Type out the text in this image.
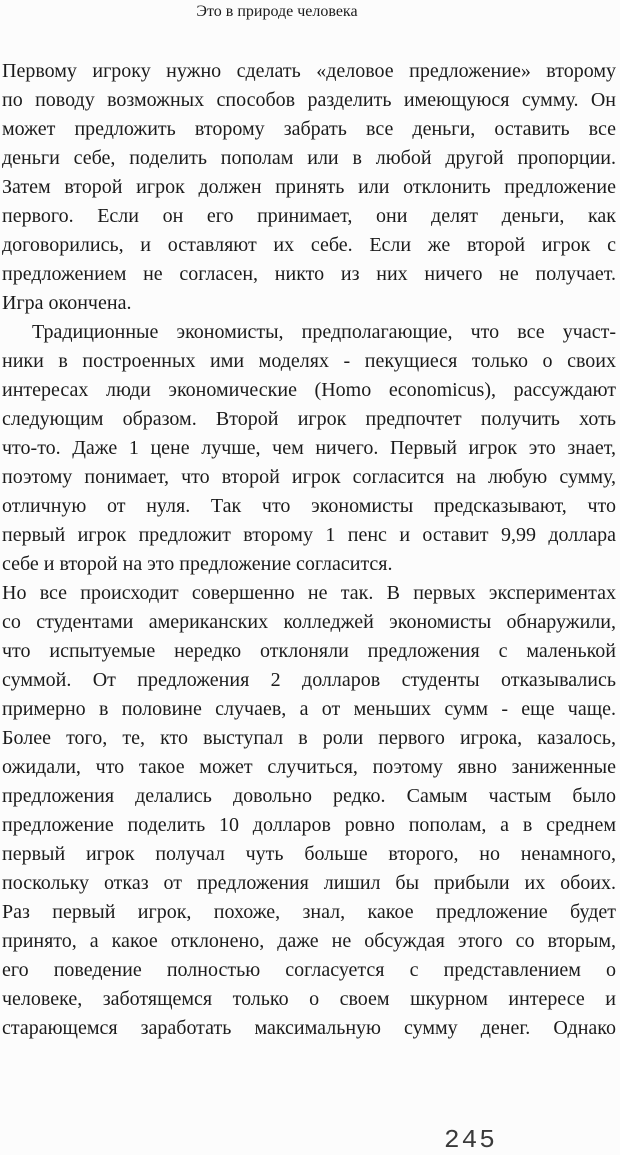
Это в природе человека
Первому игроку нужно сделать «деловое предложение» второму
по поводу возможных способов разделить имеющуюся сумму. Он
может предложить второму забрать все деньги, оставить все
деньги себе, поделить пополам или в любой другой пропорции.
Затем второй игрок должен принять или отклонить предложение
первого. Если он его принимает, они делят деньги, как
договорились, и оставляют их себе. Если же второй игрок с
предложением не согласен, никто из них ничего не получает.
Игра окончена.
Традиционные экономисты, предполагающие, что все участ-
ники в построенных ими моделях - пекущиеся только о своих
интересах люди экономические (Homo economicus), рассуждают
следующим образом. Второй игрок предпочтет получить хоть
что-то. Даже 1 цене лучше, чем ничего. Первый игрок это знает,
поэтому понимает, что второй игрок согласится на любую сумму,
отличную от нуля. Так что экономисты предсказывают, что
первый игрок предложит второму 1 пенс и оставит 9,99 доллара
себе и второй на это предложение согласится.
Но все происходит совершенно не так. В первых экспериментах
со студентами американских колледжей экономисты обнаружили,
что испытуемые нередко отклоняли предложения с маленькой
суммой. От предложения 2 долларов студенты отказывались
примерно в половине случаев, а от меньших сумм - еще чаще.
Более того, те, кто выступал в роли первого игрока, казалось,
ожидали, что такое может случиться, поэтому явно заниженные
предложения делались довольно редко. Самым частым было
предложение поделить 10 долларов ровно пополам, а в среднем
первый игрок получал чуть больше второго, но ненамного,
поскольку отказ от предложения лишил бы прибыли их обоих.
Раз первый игрок, похоже, знал, какое предложение будет
принято, а какое отклонено, даже не обсуждая этого со вторым,
его поведение полностью согласуется с представлением о
человеке, заботящемся только о своем шкурном интересе и
старающемся заработать максимальную сумму денег. Однако
245
